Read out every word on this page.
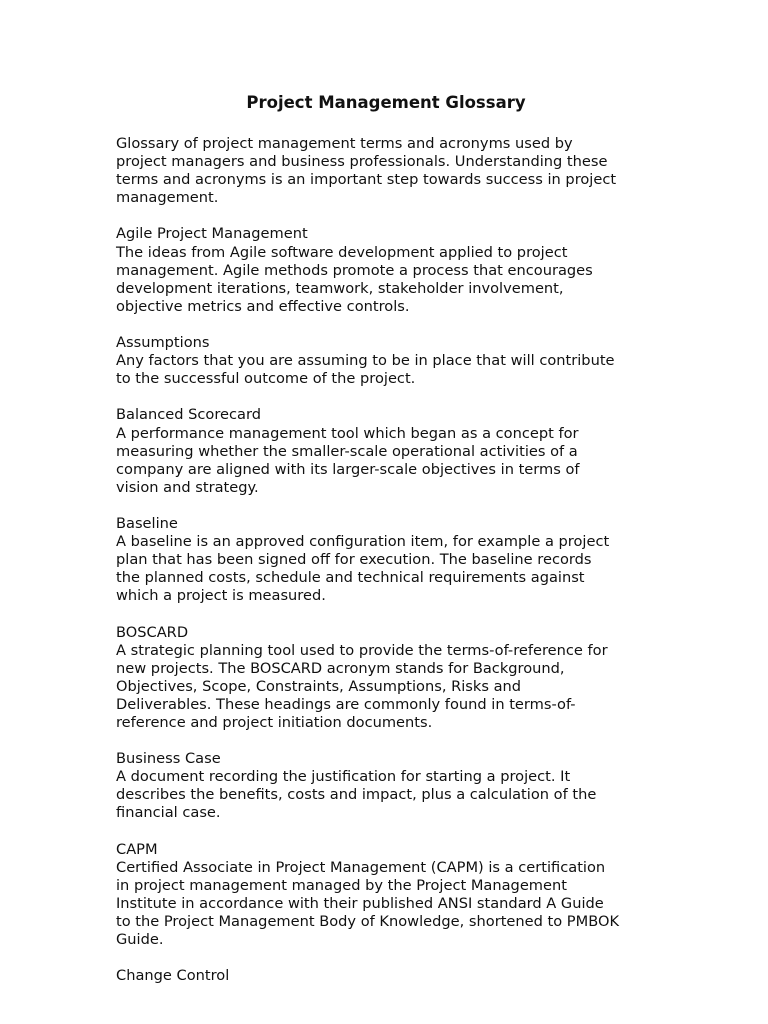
Project Management Glossary

Glossary of project management terms and acronyms used by
project managers and business professionals. Understanding these
terms and acronyms is an important step towards success in project
management.

Agile Project Management
The ideas from Agile software development applied to project
management. Agile methods promote a process that encourages
development iterations, teamwork, stakeholder involvement,
objective metrics and effective controls.
Assumptions
Any factors that you are assuming to be in place that will contribute
to the successful outcome of the project.
Balanced Scorecard
A performance management tool which began as a concept for
measuring whether the smaller-scale operational activities of a
company are aligned with its larger-scale objectives in terms of
vision and strategy.
Baseline
A baseline is an approved configuration item, for example a project
plan that has been signed off for execution. The baseline records
the planned costs, schedule and technical requirements against
which a project is measured.
BOSCARD
A strategic planning tool used to provide the terms-of-reference for
new projects. The BOSCARD acronym stands for Background,
Objectives, Scope, Constraints, Assumptions, Risks and
Deliverables. These headings are commonly found in terms-of-
reference and project initiation documents.
Business Case
A document recording the justification for starting a project. It
describes the benefits, costs and impact, plus a calculation of the
financial case.
CAPM
Certified Associate in Project Management (CAPM) is a certification
in project management managed by the Project Management
Institute in accordance with their published ANSI standard A Guide
to the Project Management Body of Knowledge, shortened to PMBOK
Guide.
Change Control
